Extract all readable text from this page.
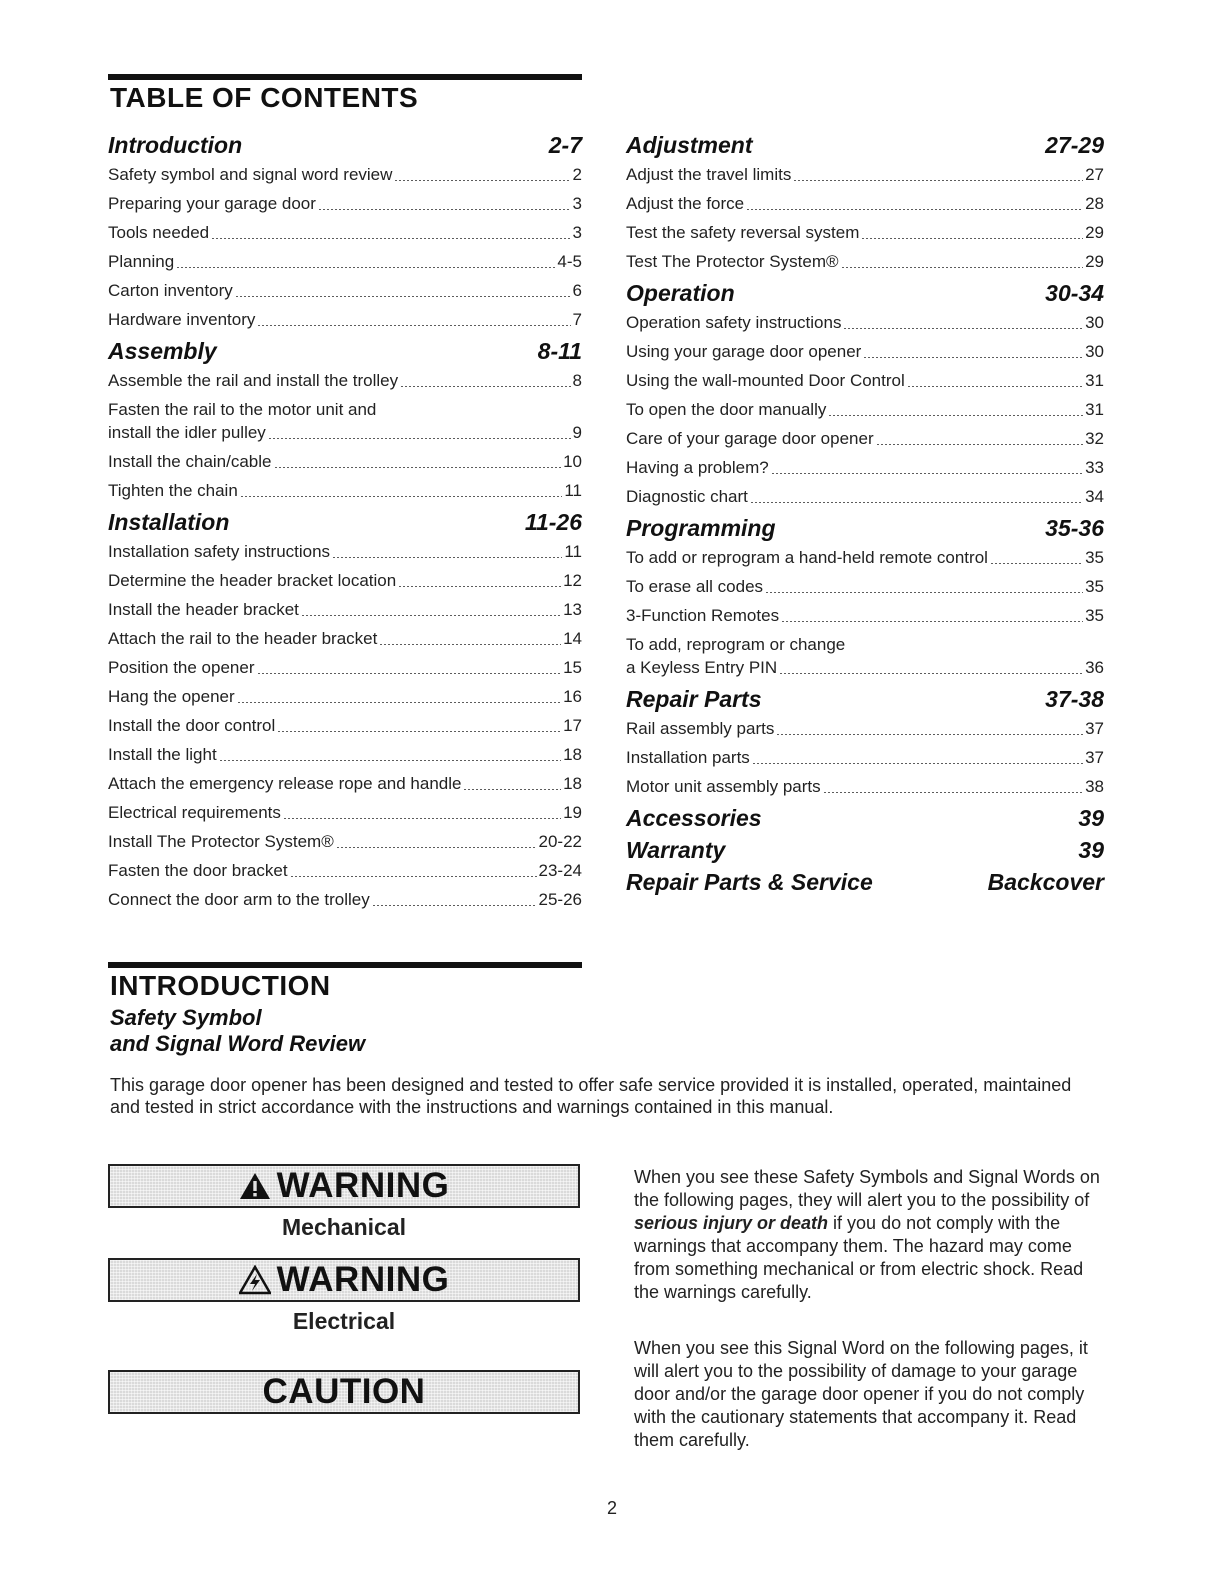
TABLE OF CONTENTS
Introduction	2-7
Safety symbol and signal word review	2
Preparing your garage door	3
Tools needed	3
Planning	4-5
Carton inventory	6
Hardware inventory	7
Assembly	8-11
Assemble the rail and install the trolley	8
Fasten the rail to the motor unit and
install the idler pulley	9
Install the chain/cable	10
Tighten the chain	11
Installation	11-26
Installation safety instructions	11
Determine the header bracket location	12
Install the header bracket	13
Attach the rail to the header bracket	14
Position the opener	15
Hang the opener	16
Install the door control	17
Install the light	18
Attach the emergency release rope and handle	18
Electrical requirements	19
Install The Protector System®	20-22
Fasten the door bracket	23-24
Connect the door arm to the trolley	25-26
Adjustment	27-29
Adjust the travel limits	27
Adjust the force	28
Test the safety reversal system	29
Test The Protector System®	29
Operation	30-34
Operation safety instructions	30
Using your garage door opener	30
Using the wall-mounted Door Control	31
To open the door manually	31
Care of your garage door opener	32
Having a problem?	33
Diagnostic chart	34
Programming	35-36
To add or reprogram a hand-held remote control	35
To erase all codes	35
3-Function Remotes	35
To add, reprogram or change
a Keyless Entry PIN	36
Repair Parts	37-38
Rail assembly parts	37
Installation parts	37
Motor unit assembly parts	38
Accessories	39
Warranty	39
Repair Parts & Service	Backcover
INTRODUCTION
Safety Symbol
and Signal Word Review
This garage door opener has been designed and tested to offer safe service provided it is installed, operated, maintained and tested in strict accordance with the instructions and warnings contained in this manual.
WARNING
Mechanical
WARNING
Electrical
CAUTION
When you see these Safety Symbols and Signal Words on the following pages, they will alert you to the possibility of serious injury or death if you do not comply with the warnings that accompany them. The hazard may come from something mechanical or from electric shock. Read the warnings carefully.
When you see this Signal Word on the following pages, it will alert you to the possibility of damage to your garage door and/or the garage door opener if you do not comply with the cautionary statements that accompany it. Read them carefully.
2
